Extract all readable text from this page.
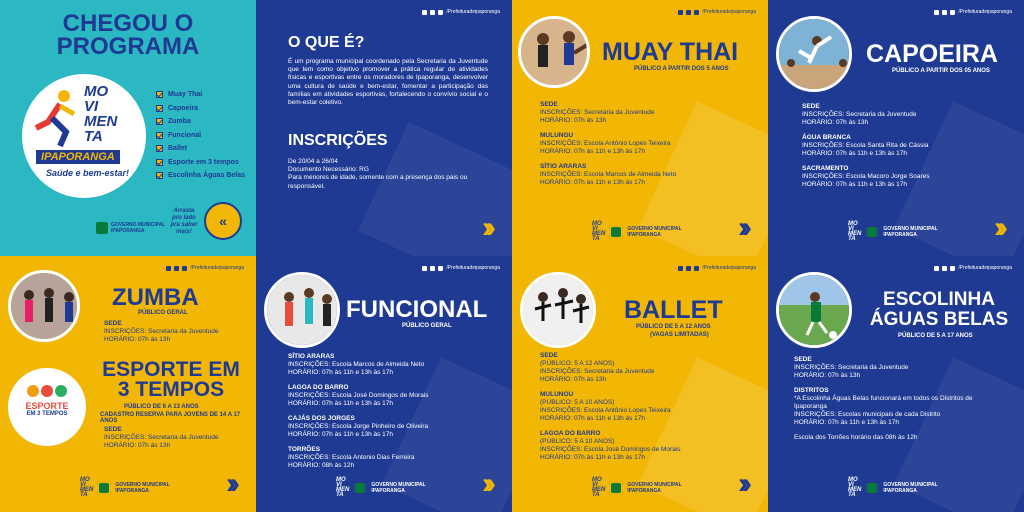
CHEGOU O
PROGRAMA
MO
VI
MEN
TA
IPAPORANGA
Saúde e bem-estar!
Muay Thai
Capoeira
Zumba
Funcional
Ballet
Esporte em 3 tempos
Escolinha Águas Belas
GOVERNO MUNICIPAL
IPAPORANGA
Arrasta pro lado pra saber mais!
«
/Prefeituradeipaporanga
O QUE É?
É um programa municipal coordenado pela Secretaria da Juventude que tem como objetivo promover a prática regular de atividades físicas e esportivas entre os moradores de Ipaporanga, desenvolver uma cultura de saúde e bem-estar, fomentar a participação das famílias em atividades esportivas, fortalecendo o convívio social e o bem-estar coletivo.
INSCRIÇÕES
De 20/04 a 26/04
Documento Necessário: RG
Para menores de idade, somente com a presença dos pais ou responsável.
››
/Prefeituradeipaporanga
MUAY THAI
PÚBLICO A PARTIR DOS 5 ANOS
SEDE
INSCRIÇÕES: Secretaria da Juventude
HORÁRIO: 07h às 13h
MULUNGU
INSCRIÇÕES: Escola Antônio Lopes Teixeira
HORÁRIO: 07h às 11h e 13h às 17h
SÍTIO ARARAS
INSCRIÇÕES: Escola Marcos de Almeida Neto
HORÁRIO: 07h às 11h e 13h às 17h
MO
VI
MEN
TA
GOVERNO MUNICIPAL
IPAPORANGA	››
/Prefeituradeipaporanga
CAPOEIRA
PÚBLICO A PARTIR DOS 05 ANOS
SEDE
INSCRIÇÕES: Secretaria da Juventude
HORÁRIO: 07h às 13h
ÁGUA BRANCA
INSCRIÇÕES: Escola Santa Rita de Cássia
HORÁRIO: 07h às 11h e 13h às 17h
SACRAMENTO
INSCRIÇÕES: Escola Macoro Jorge Soares
HORÁRIO: 07h às 11h e 13h às 17h
MO
VI
MEN
TA
GOVERNO MUNICIPAL
IPAPORANGA	››
/Prefeituradeipaporanga
ZUMBA
PÚBLICO GERAL
SEDE
INSCRIÇÕES: Secretaria da Juventude
HORÁRIO: 07h às 13h
ESPORTE
EM 3 TEMPOS
ESPORTE EM
3 TEMPOS
PÚBLICO DE 6 A 13 ANOS
CADASTRO RESERVA PARA JOVENS DE 14 A 17 ANOS
SEDE
INSCRIÇÕES: Secretaria da Juventude
HORÁRIO: 07h às 13h
MO
VI
MEN
TA
GOVERNO MUNICIPAL
IPAPORANGA	››
/Prefeituradeipaporanga
FUNCIONAL
PÚBLICO GERAL
SÍTIO ARARAS
INSCRIÇÕES: Escola Marcos de Almeida Neto
HORÁRIO: 07h às 11h e 13h às 17h
LAGOA DO BARRO
INSCRIÇÕES: Escola José Domingos de Morais
HORÁRIO: 07h às 11h e 13h às 17h
CAJÁS DOS JORGES
INSCRIÇÕES: Escola Jorge Pinheiro de Oliveira
HORÁRIO: 07h às 11h e 13h às 17h
TORRÕES
INSCRIÇÕES: Escola Antonio Dias Ferreira
HORÁRIO: 08h às 12h
MO
VI
MEN
TA
GOVERNO MUNICIPAL
IPAPORANGA	››
/Prefeituradeipaporanga
BALLET
PÚBLICO DE 5 A 12 ANOS
(VAGAS LIMITADAS)
SEDE
(PÚBLICO: 5 A 12 ANOS)
INSCRIÇÕES: Secretaria da Juventude
HORÁRIO: 07h às 13h
MULUNGU
(PÚBLICO: 5 A 10 ANOS)
INSCRIÇÕES: Escola Antônio Lopes Teixeira
HORÁRIO: 07h às 11h e 13h às 17h
LAGOA DO BARRO
(PÚBLICO: 5 A 10 ANOS)
INSCRIÇÕES: Escola José Domingos de Morais
HORÁRIO: 07h às 11h e 13h às 17h
MO
VI
MEN
TA
GOVERNO MUNICIPAL
IPAPORANGA	››
/Prefeituradeipaporanga
ESCOLINHA
ÁGUAS BELAS
PÚBLICO DE 5 A 17 ANOS
SEDE
INSCRIÇÕES: Secretaria da Juventude
HORÁRIO: 07h às 13h
DISTRITOS
*A Escolinha Águas Belas funcionará em todos os Distritos de Ipaporanga
INSCRIÇÕES: Escolas municipais de cada Distrito
HORÁRIO: 07h às 11h e 13h às 17h
Escola dos Torrões horário das 08h às 12h
MO
VI
MEN
TA
GOVERNO MUNICIPAL
IPAPORANGA
